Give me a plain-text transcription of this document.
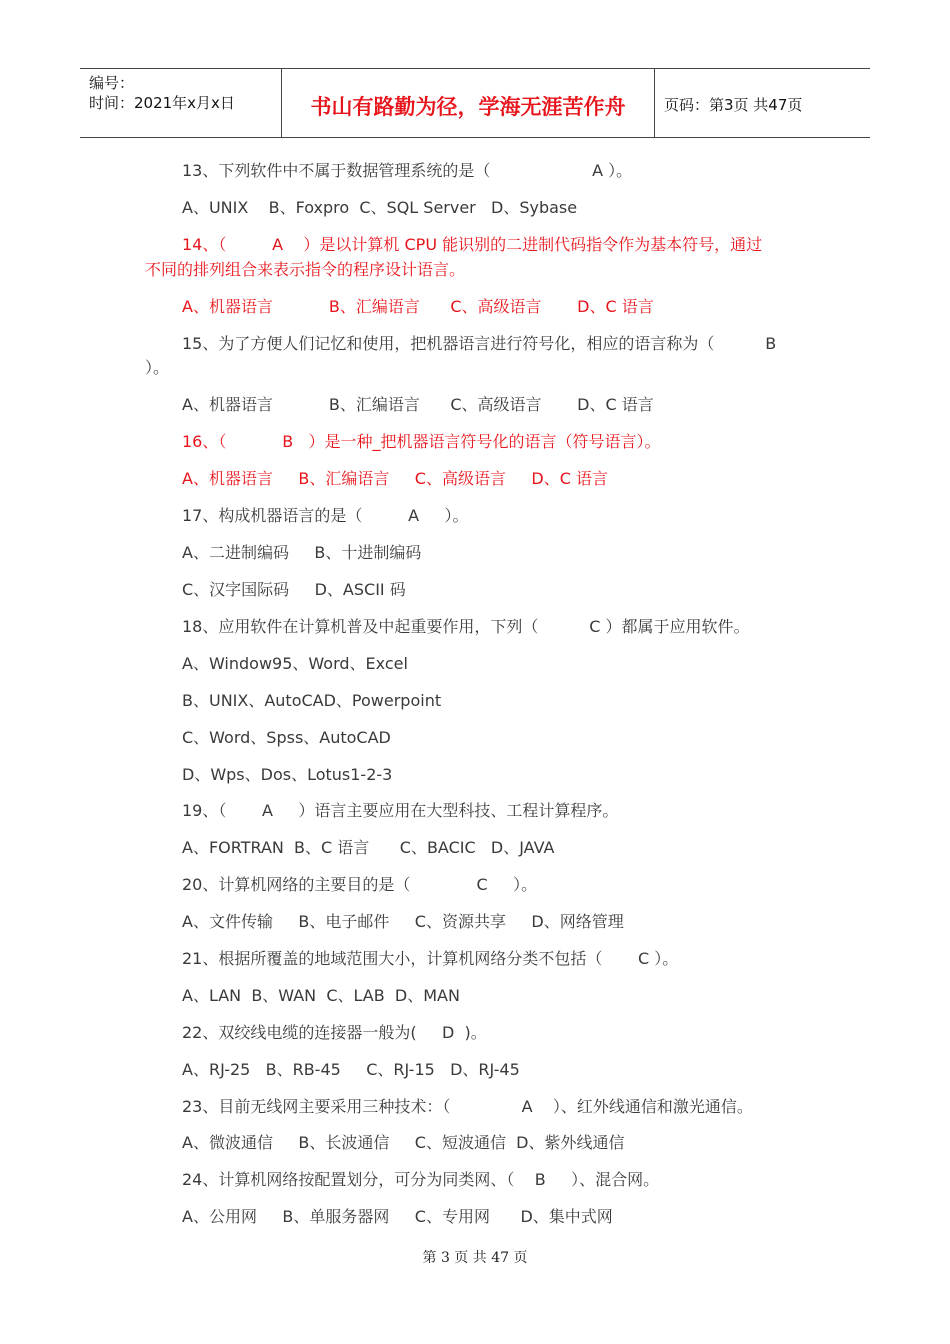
编号：
时间：2021年x月x日	书山有路勤为径，学海无涯苦作舟	页码：第3页 共47页
13、下列软件中不属于数据管理系统的是（                    A ）。
A、UNIX    B、Foxpro  C、SQL Server   D、Sybase
14、（         A    ）是以计算机 CPU 能识别的二进制代码指令作为基本符号，通过
不同的排列组合来表示指令的程序设计语言。
A、机器语言           B、汇编语言      C、高级语言       D、C 语言
15、为了方便人们记忆和使用，把机器语言进行符号化，相应的语言称为（          B
）。
A、机器语言           B、汇编语言      C、高级语言       D、C 语言
16、（           B   ）是一种_把机器语言符号化的语言（符号语言）。
A、机器语言     B、汇编语言     C、高级语言     D、C 语言
17、构成机器语言的是（         A     ）。
A、二进制编码     B、十进制编码
C、汉字国际码     D、ASCII 码
18、应用软件在计算机普及中起重要作用，下列（          C ）都属于应用软件。
A、Window95、Word、Excel
B、UNIX、AutoCAD、Powerpoint
C、Word、Spss、AutoCAD
D、Wps、Dos、Lotus1-2-3
19、（       A     ）语言主要应用在大型科技、工程计算程序。
A、FORTRAN  B、C 语言      C、BACIC   D、JAVA
20、计算机网络的主要目的是（             C     ）。
A、文件传输     B、电子邮件     C、资源共享     D、网络管理
21、根据所覆盖的地域范围大小，计算机网络分类不包括（       C ）。
A、LAN  B、WAN  C、LAB  D、MAN
22、双绞线电缆的连接器一般为(     D  )。
A、RJ-25   B、RB-45     C、RJ-15   D、RJ-45
23、目前无线网主要采用三种技术：（              A    ）、红外线通信和激光通信。
A、微波通信     B、长波通信     C、短波通信  D、紫外线通信
24、计算机网络按配置划分，可分为同类网、（    B     ）、混合网。
A、公用网     B、单服务器网     C、专用网      D、集中式网
第 3 页 共 47 页
